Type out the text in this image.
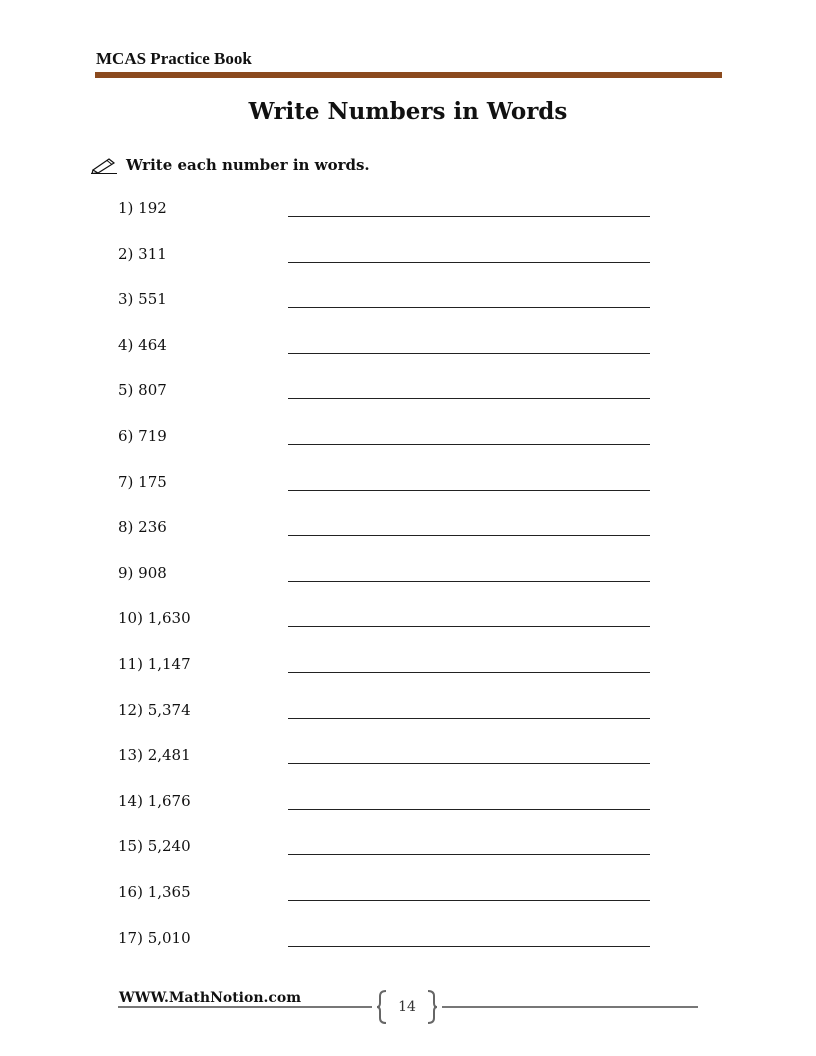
MCAS Practice Book
Write Numbers in Words
Write each number in words.
1) 192
2) 311
3) 551
4) 464
5) 807
6) 719
7) 175
8) 236
9) 908
10) 1,630
11) 1,147
12) 5,374
13) 2,481
14) 1,676
15) 5,240
16) 1,365
17) 5,010
WWW.MathNotion.com
14
